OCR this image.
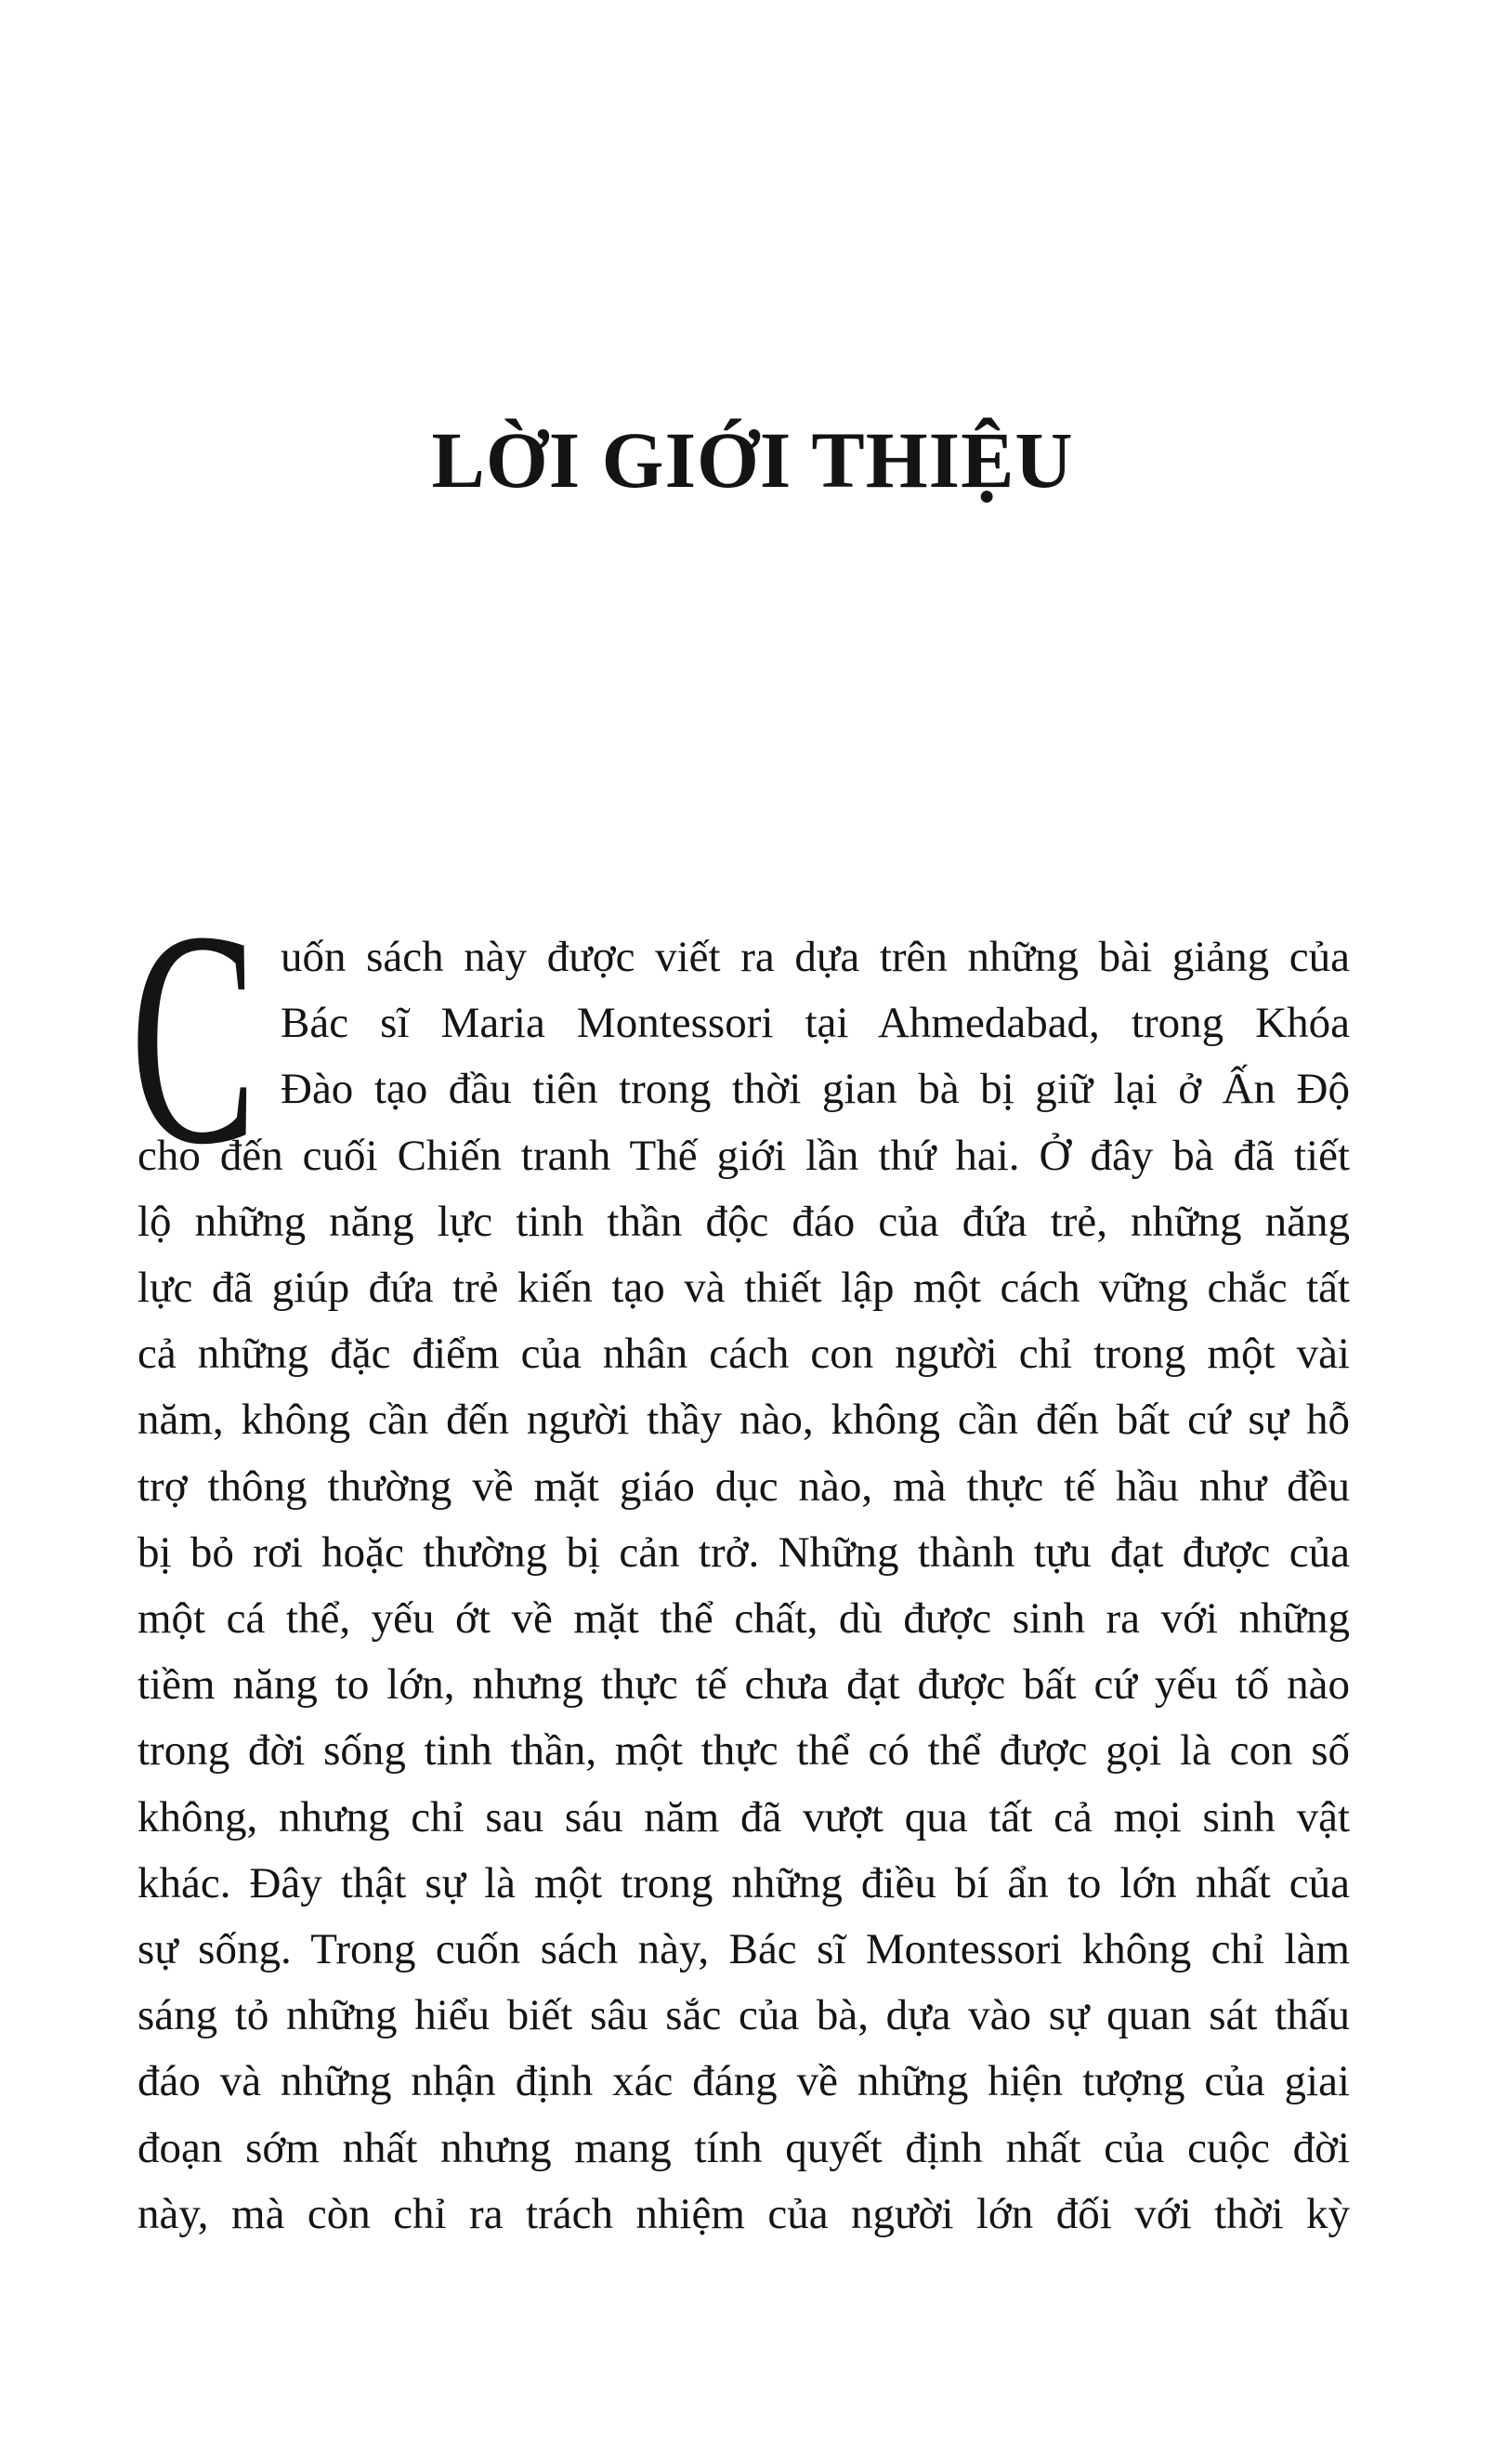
LỜI GIỚI THIỆU
C uốn sách này được viết ra dựa trên những bài giảng của
Bác sĩ Maria Montessori tại Ahmedabad, trong Khóa
Đào tạo đầu tiên trong thời gian bà bị giữ lại ở Ấn Độ
cho đến cuối Chiến tranh Thế giới lần thứ hai. Ở đây bà đã tiết
lộ những năng lực tinh thần độc đáo của đứa trẻ, những năng
lực đã giúp đứa trẻ kiến tạo và thiết lập một cách vững chắc tất
cả những đặc điểm của nhân cách con người chỉ trong một vài
năm, không cần đến người thầy nào, không cần đến bất cứ sự hỗ
trợ thông thường về mặt giáo dục nào, mà thực tế hầu như đều
bị bỏ rơi hoặc thường bị cản trở. Những thành tựu đạt được của
một cá thể, yếu ớt về mặt thể chất, dù được sinh ra với những
tiềm năng to lớn, nhưng thực tế chưa đạt được bất cứ yếu tố nào
trong đời sống tinh thần, một thực thể có thể được gọi là con số
không, nhưng chỉ sau sáu năm đã vượt qua tất cả mọi sinh vật
khác. Đây thật sự là một trong những điều bí ẩn to lớn nhất của
sự sống. Trong cuốn sách này, Bác sĩ Montessori không chỉ làm
sáng tỏ những hiểu biết sâu sắc của bà, dựa vào sự quan sát thấu
đáo và những nhận định xác đáng về những hiện tượng của giai
đoạn sớm nhất nhưng mang tính quyết định nhất của cuộc đời
này, mà còn chỉ ra trách nhiệm của người lớn đối với thời kỳ
